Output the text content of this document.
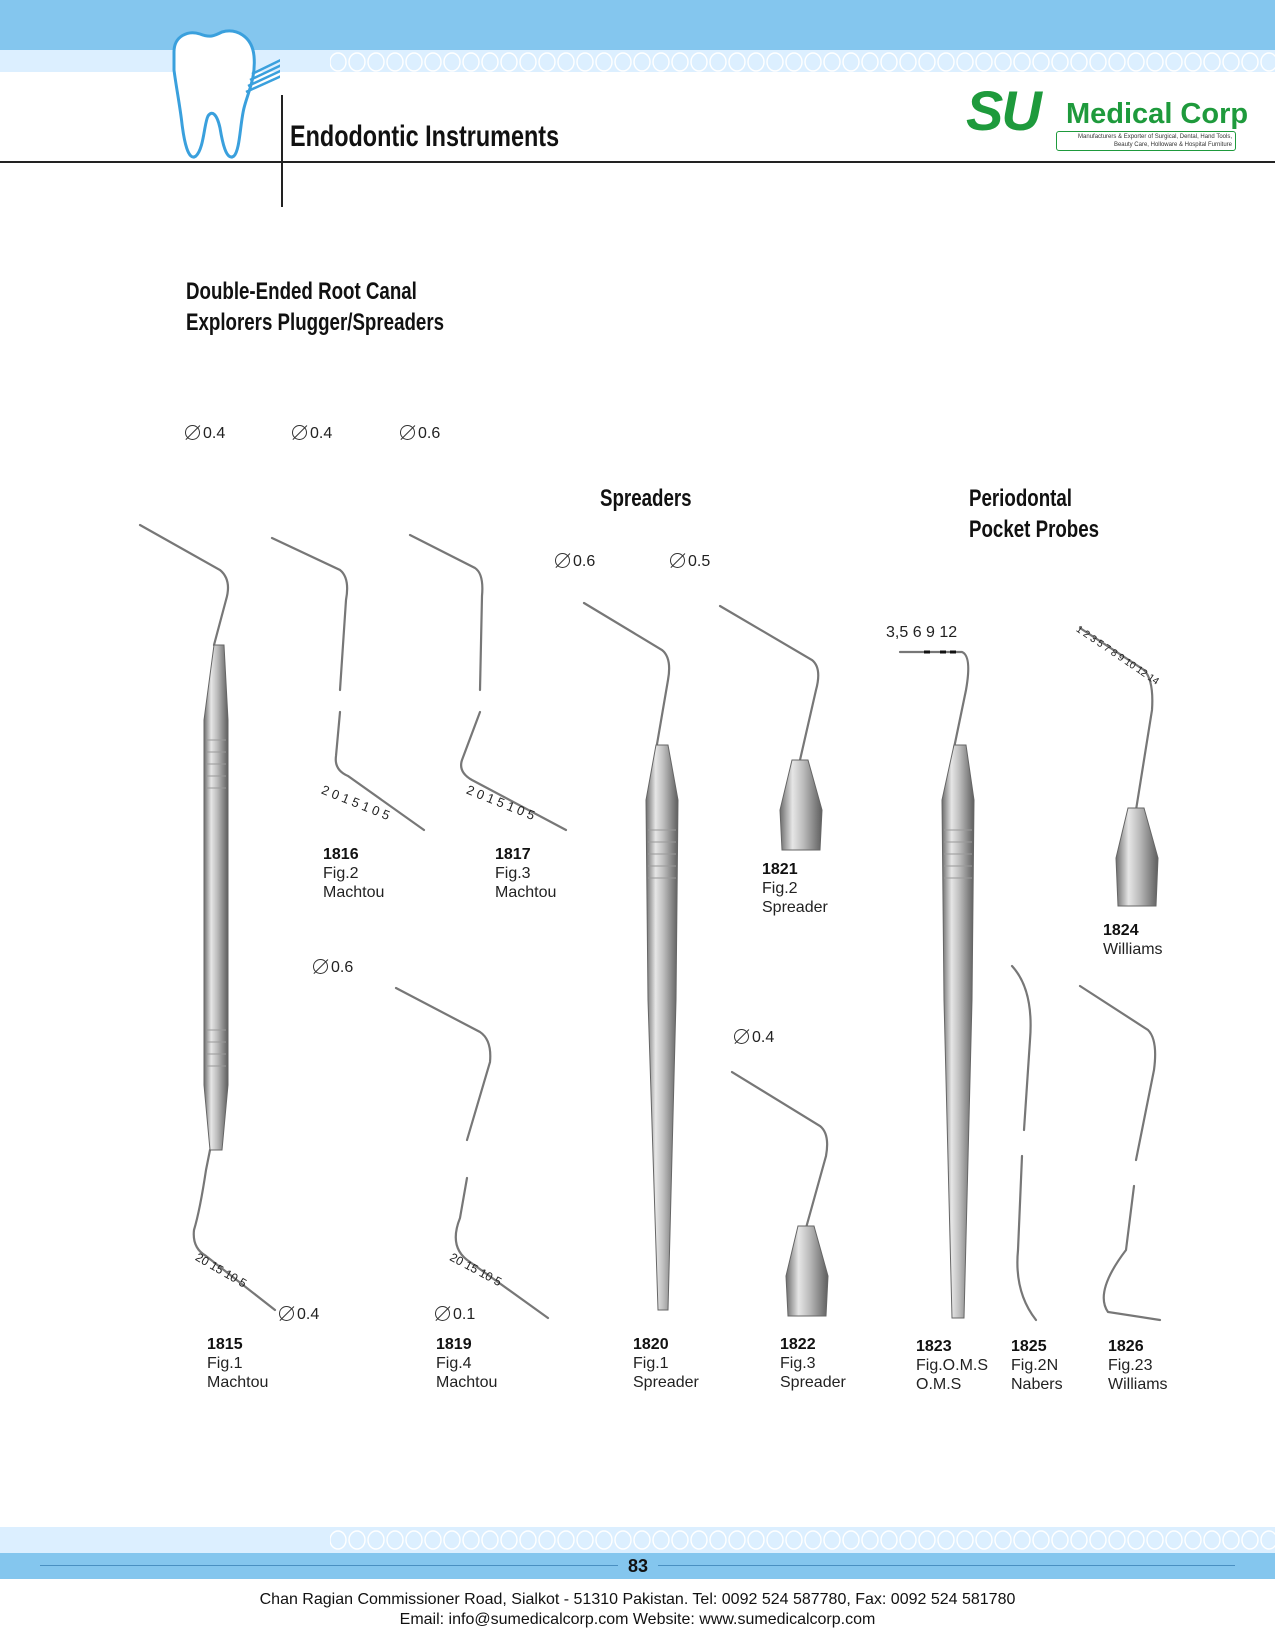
Endodontic Instruments	SU Medical Corp
Manufacturers & Exporter of Surgical, Dental, Hand Tools,
Beauty Care, Holloware & Hospital Furniture
Double-Ended Root Canal
Explorers Plugger/Spreaders
Spreaders	Periodontal
Pocket Probes
0.4	0.4	0.6
0.6	0.5
0.6
0.4
0.4	0.1
2 0 1 5 1 0 5	2 0 1 5 1 0 5
20 15 10 5	20 15 10 5
3,5 6 9 12	1 2 3 5 7 8 9 10 12 14
1816
Fig.2
Machtou
1817
Fig.3
Machtou
1821
Fig.2
Spreader
1824
Williams
1815
Fig.1
Machtou
1819
Fig.4
Machtou
1820
Fig.1
Spreader
1822
Fig.3
Spreader
1823
Fig.O.M.S
O.M.S
1825
Fig.2N
Nabers
1826
Fig.23
Williams
83
Chan Ragian Commissioner Road, Sialkot - 51310 Pakistan. Tel: 0092 524 587780, Fax: 0092 524 581780
Email: info@sumedicalcorp.com Website: www.sumedicalcorp.com
